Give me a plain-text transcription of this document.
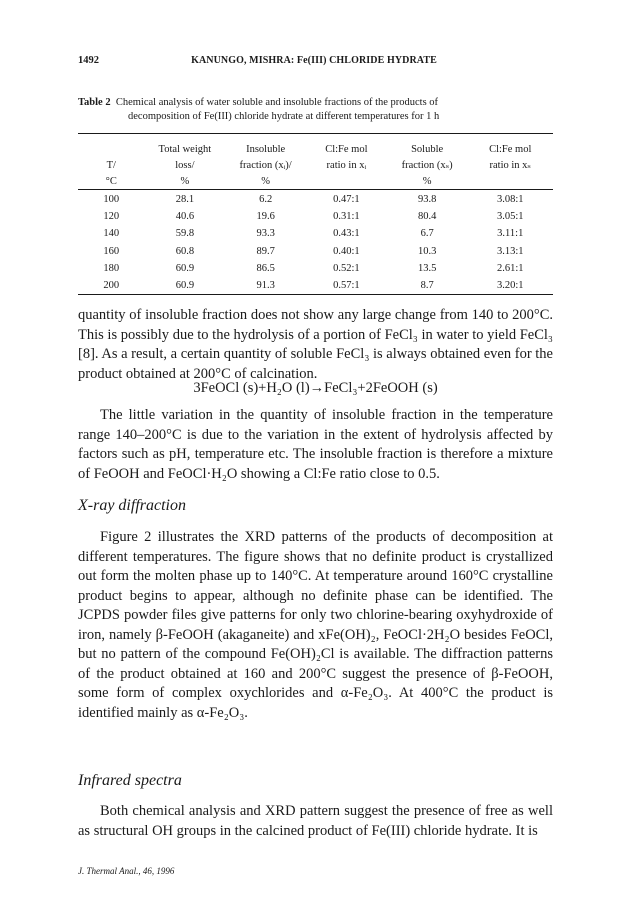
1492	KANUNGO, MISHRA: Fe(III) CHLORIDE HYDRATE
Table 2 Chemical analysis of water soluble and insoluble fractions of the products of
decomposition of Fe(III) chloride hydrate at different temperatures for 1 h
	Total weight	Insoluble	Cl:Fe mol	Soluble	Cl:Fe mol
T/	loss/	fraction (xᵢ)/	ratio in xᵢ	fraction (xₛ)	ratio in xₛ
°C	%	%		%	
100	28.1	6.2	0.47:1	93.8	3.08:1
120	40.6	19.6	0.31:1	80.4	3.05:1
140	59.8	93.3	0.43:1	6.7	3.11:1
160	60.8	89.7	0.40:1	10.3	3.13:1
180	60.9	86.5	0.52:1	13.5	2.61:1
200	60.9	91.3	0.57:1	8.7	3.20:1
quantity of insoluble fraction does not show any large change from 140 to 200°C. This is possibly due to the hydrolysis of a portion of FeCl₃ in water to yield FeCl₃ [8]. As a result, a certain quantity of soluble FeCl₃ is always obtained even for the product obtained at 200°C of calcination.
3FeOCl (s)+H₂O (l)→FeCl₃+2FeOOH (s)
The little variation in the quantity of insoluble fraction in the temperature range 140–200°C is due to the variation in the extent of hydrolysis affected by factors such as pH, temperature etc. The insoluble fraction is therefore a mixture of FeOOH and FeOCl·H₂O showing a Cl:Fe ratio close to 0.5.
X-ray diffraction
Figure 2 illustrates the XRD patterns of the products of decomposition at different temperatures. The figure shows that no definite product is crystallized out form the molten phase up to 140°C. At temperature around 160°C crystalline product begins to appear, although no definite phase can be identified. The JCPDS powder files give patterns for only two chlorine-bearing oxyhydroxide of iron, namely β-FeOOH (akaganeite) and xFe(OH)₂, FeOCl·2H₂O besides FeOCl, but no pattern of the compound Fe(OH)₂Cl is available. The diffraction patterns of the product obtained at 160 and 200°C suggest the presence of β-FeOOH, some form of complex oxychlorides and α-Fe₂O₃. At 400°C the product is identified mainly as α-Fe₂O₃.
Infrared spectra
Both chemical analysis and XRD pattern suggest the presence of free as well as structural OH groups in the calcined product of Fe(III) chloride hydrate. It is
J. Thermal Anal., 46, 1996
